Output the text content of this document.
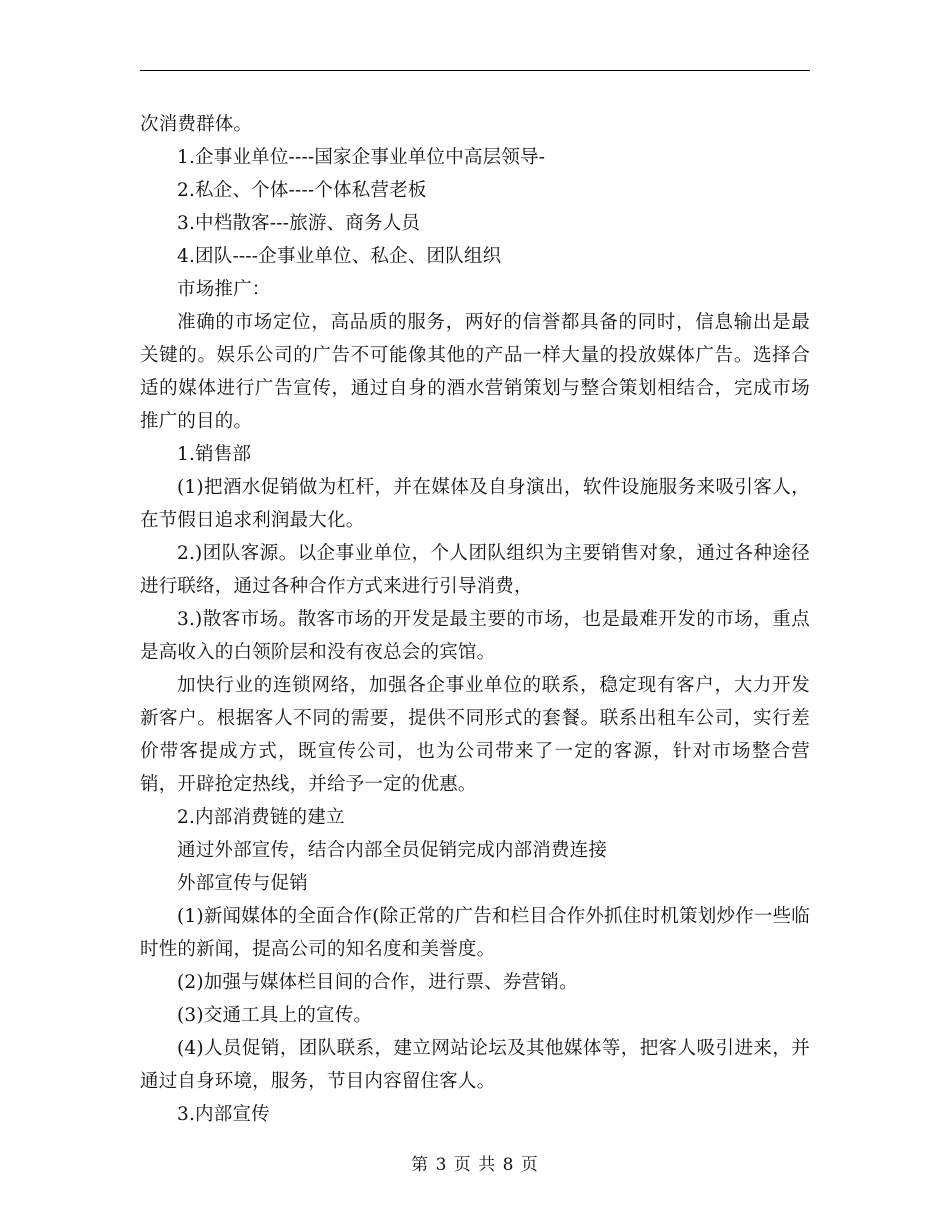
次消费群体。

1.企事业单位----国家企事业单位中高层领导-

2.私企、个体----个体私营老板

3.中档散客---旅游、商务人员

4.团队----企事业单位、私企、团队组织

市场推广：

准确的市场定位，高品质的服务，两好的信誉都具备的同时，信息输出是最关键的。娱乐公司的广告不可能像其他的产品一样大量的投放媒体广告。选择合适的媒体进行广告宣传，通过自身的酒水营销策划与整合策划相结合，完成市场推广的目的。

1.销售部

(1)把酒水促销做为杠杆，并在媒体及自身演出，软件设施服务来吸引客人，在节假日追求利润最大化。

2.)团队客源。以企事业单位，个人团队组织为主要销售对象，通过各种途径进行联络，通过各种合作方式来进行引导消费，

3.)散客市场。散客市场的开发是最主要的市场，也是最难开发的市场，重点是高收入的白领阶层和没有夜总会的宾馆。

加快行业的连锁网络，加强各企事业单位的联系，稳定现有客户，大力开发新客户。根据客人不同的需要，提供不同形式的套餐。联系出租车公司，实行差价带客提成方式，既宣传公司，也为公司带来了一定的客源，针对市场整合营销，开辟抢定热线，并给予一定的优惠。

2.内部消费链的建立

通过外部宣传，结合内部全员促销完成内部消费连接

外部宣传与促销

(1)新闻媒体的全面合作(除正常的广告和栏目合作外抓住时机策划炒作一些临时性的新闻，提高公司的知名度和美誉度。

(2)加强与媒体栏目间的合作，进行票、券营销。

(3)交通工具上的宣传。

(4)人员促销，团队联系，建立网站论坛及其他媒体等，把客人吸引进来，并通过自身环境，服务，节目内容留住客人。

3.内部宣传

第 3 页 共 8 页
